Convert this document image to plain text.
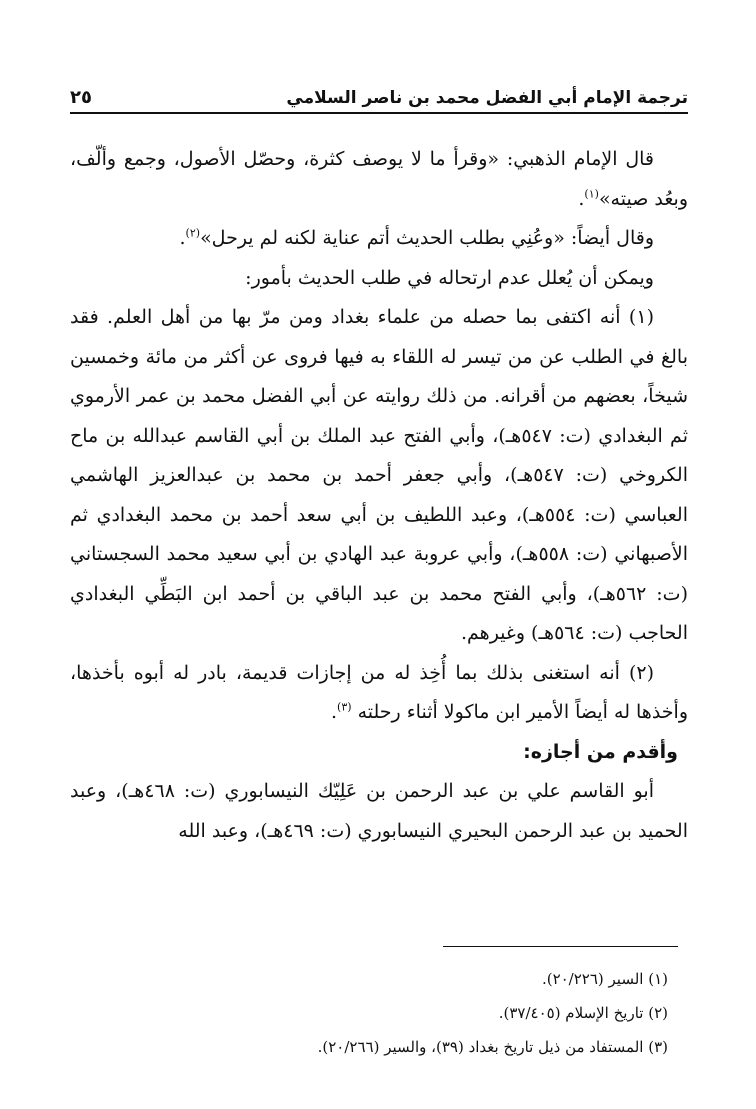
ترجمة الإمام أبي الفضل محمد بن ناصر السلامي
٢٥

قال الإمام الذهبي: «وقرأ ما لا يوصف كثرة، وحصّل الأصول، وجمع وألّف، وبعُد صيته»$^{(١)}$.

وقال أيضاً: «وعُنِي بطلب الحديث أتم عناية لكنه لم يرحل»$^{(٢)}$.

ويمكن أن يُعلل عدم ارتحاله في طلب الحديث بأمور:

(١) أنه اكتفى بما حصله من علماء بغداد ومن مرّ بها من أهل العلم. فقد بالغ في الطلب عن من تيسر له اللقاء به فيها فروى عن أكثر من مائة وخمسين شيخاً، بعضهم من أقرانه. من ذلك روايته عن أبي الفضل محمد بن عمر الأرموي ثم البغدادي (ت: ٥٤٧هـ)، وأبي الفتح عبد الملك بن أبي القاسم عبدالله بن ماح الكروخي (ت: ٥٤٧هـ)، وأبي جعفر أحمد بن محمد بن عبدالعزيز الهاشمي العباسي (ت: ٥٥٤هـ)، وعبد اللطيف بن أبي سعد أحمد بن محمد البغدادي ثم الأصبهاني (ت: ٥٥٨هـ)، وأبي عروبة عبد الهادي بن أبي سعيد محمد السجستاني (ت: ٥٦٢هـ)، وأبي الفتح محمد بن عبد الباقي بن أحمد ابن البَطِّي البغدادي الحاجب (ت: ٥٦٤هـ) وغيرهم.

(٢) أنه استغنى بذلك بما أُخِذ له من إجازات قديمة، بادر له أبوه بأخذها، وأخذها له أيضاً الأمير ابن ماكولا أثناء رحلته $^{(٣)}$.

وأقدم من أجازه:

أبو القاسم علي بن عبد الرحمن بن عَلِيّك النيسابوري (ت: ٤٦٨هـ)، وعبد الحميد بن عبد الرحمن البحيري النيسابوري (ت: ٤٦٩هـ)، وعبد الله

(١) السير (٢٠/٢٢٦).

(٢) تاريخ الإسلام (٣٧/٤٠٥).

(٣) المستفاد من ذيل تاريخ بغداد (٣٩)، والسير (٢٠/٢٦٦).
